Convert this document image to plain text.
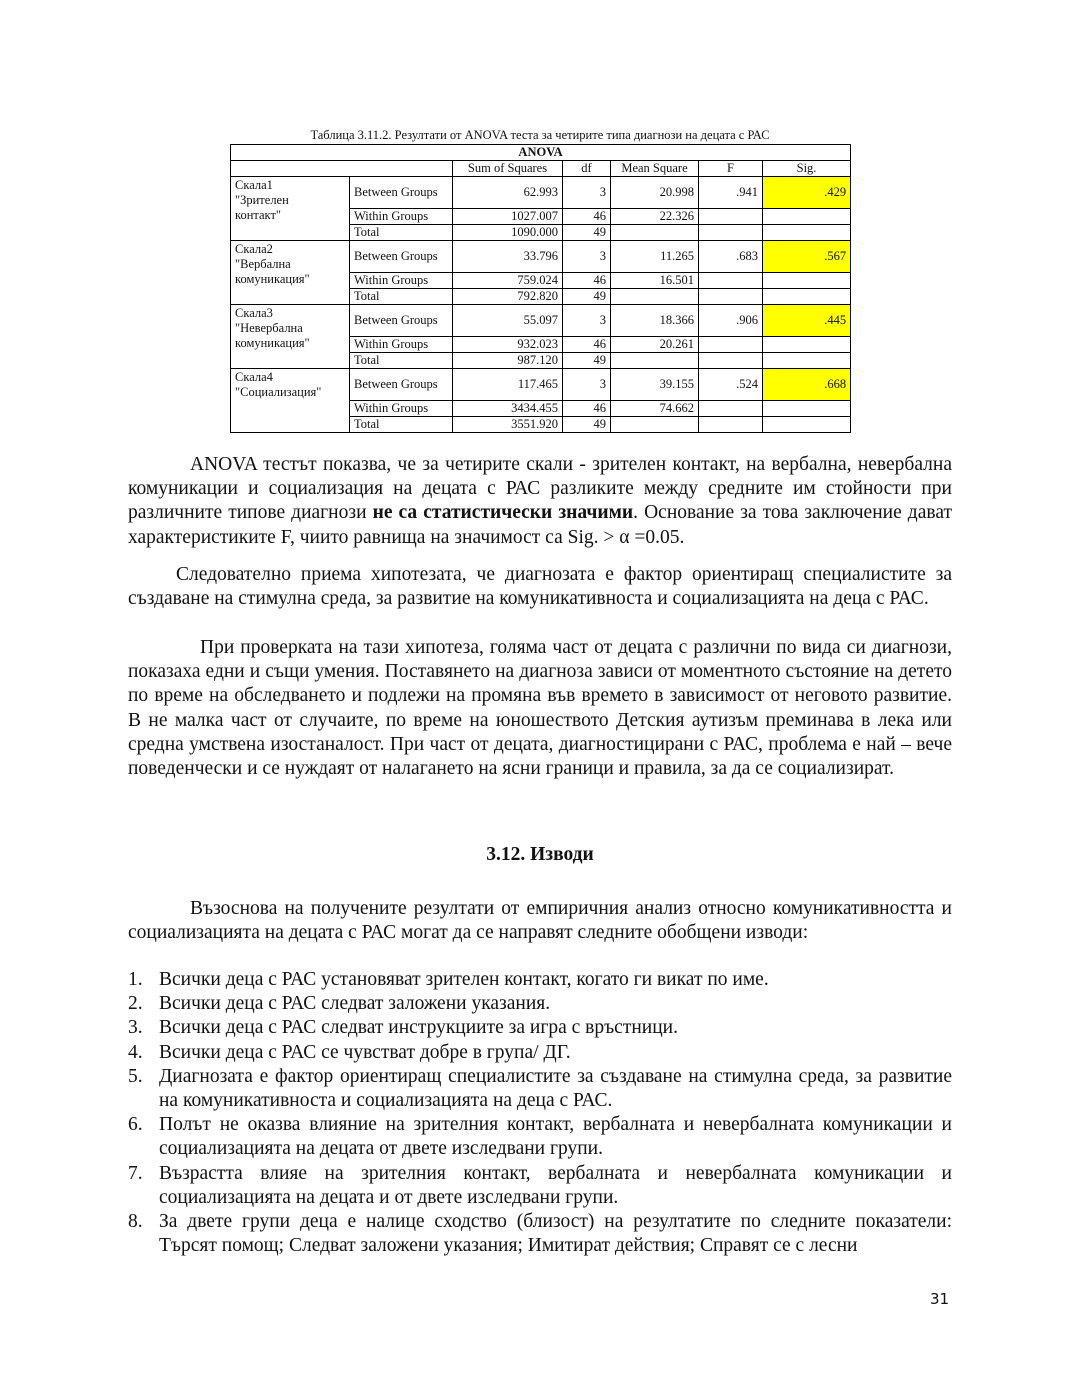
Таблица 3.11.2. Резултати от ANOVA теста за четирите типа диагнози на децата с РАС
ANOVA						
		Sum of Squares	df	Mean Square	F	Sig.

Скала1
"Зрителен
контакт"	Between Groups	62.993	3	20.998	.941	.429
	Within Groups	1027.007	46	22.326		
	Total	1090.000	49			

Скала2
"Вербална
комуникация"	Between Groups	33.796	3	11.265	.683	.567
	Within Groups	759.024	46	16.501		
	Total	792.820	49			

Скала3
"Невербална
комуникация"	Between Groups	55.097	3	18.366	.906	.445
	Within Groups	932.023	46	20.261		
	Total	987.120	49			

Скала4
"Социализация"	Between Groups	117.465	3	39.155	.524	.668
	Within Groups	3434.455	46	74.662		
	Total	3551.920	49			

ANOVA тестът показва, че за четирите скали - зрителен контакт, на вербална, невербална комуникации и социализация на децата с РАС разликите между средните им стойности при различните типове диагнози не са статистически значими. Основание за това заключение дават характеристиките F, чиито равнища на значимост са Sig. > α =0.05.

Следователно приема хипотезата, че диагнозата е фактор ориентиращ специалистите за създаване на стимулна среда, за развитие на комуникативноста и социализацията на деца с РАС.

При проверката на тази хипотеза, голяма част от децата с различни по вида си диагнози, показаха едни и същи умения. Поставянето на диагноза зависи от моментното състояние на детето по време на обследването и подлежи на промяна във времето в зависимост от неговото развитие. В не малка част от случаите, по време на юношеството Детския аутизъм преминава в лека или средна умствена изостаналост. При част от децата, диагностицирани с РАС, проблема е най – вече поведенчески и се нуждаят от налагането на ясни граници и правила, за да се социализират.

3.12. Изводи

Възоснова на получените резултати от емпиричния анализ относно комуникативността и социализацията на децата с РАС могат да се направят следните обобщени изводи:

1. Всички деца с РАС установяват зрителен контакт, когато ги викат по име.
2. Всички деца с РАС следват заложени указания.
3. Всички деца с РАС следват инструкциите за игра с връстници.
4. Всички деца с РАС се чувстват добре в група/ ДГ.
5. Диагнозата е фактор ориентиращ специалистите за създаване на стимулна среда, за развитие на комуникативноста и социализацията на деца с РАС.
6. Полът не оказва влияние на зрителния контакт, вербалната и невербалната комуникации и социализацията на децата от двете изследвани групи.
7. Възрастта влияе на зрителния контакт, вербалната и невербалната комуникации и социализацията на децата и от двете изследвани групи.
8. За двете групи деца е налице сходство (близост) на резултатите по следните показатели: Търсят помощ; Следват заложени указания; Имитират действия; Справят се с лесни
31
